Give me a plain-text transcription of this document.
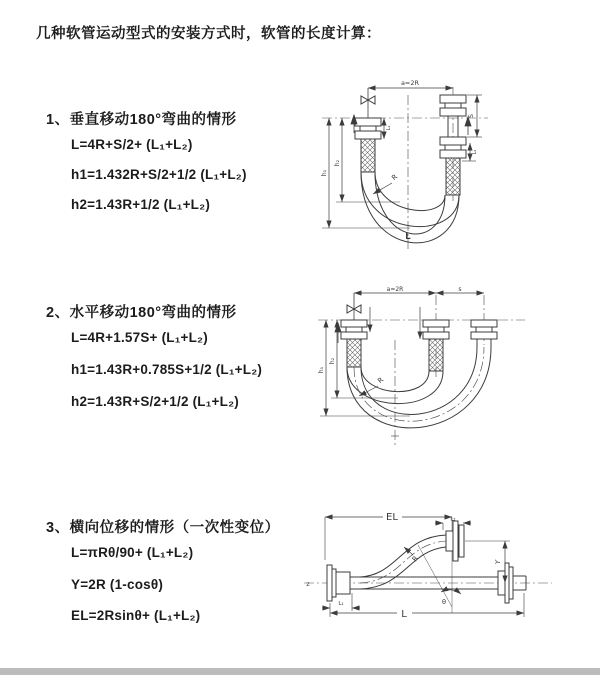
几种软管运动型式的安装方式时，软管的长度计算：
1、垂直移动180°弯曲的情形
L=4R+S/2+ (L₁+L₂)
h1=1.432R+S/2+1/2 (L₁+L₂)
h2=1.43R+1/2 (L₁+L₂)
2、水平移动180°弯曲的情形
L=4R+1.57S+ (L₁+L₂)
h1=1.43R+0.785S+1/2 (L₁+L₂)
h2=1.43R+S/2+1/2 (L₁+L₂)
3、横向位移的情形（一次性变位）
L=πRθ/90+ (L₁+L₂)
Y=2R (1-cosθ)
EL=2Rsinθ+ (L₁+L₂)
a=2R
h₁
h₂
L₁
S
L₂
R
L
a=2R	s
h₁
h₂
R
EL
L
L₁
L₂
Y
R
θ
z
